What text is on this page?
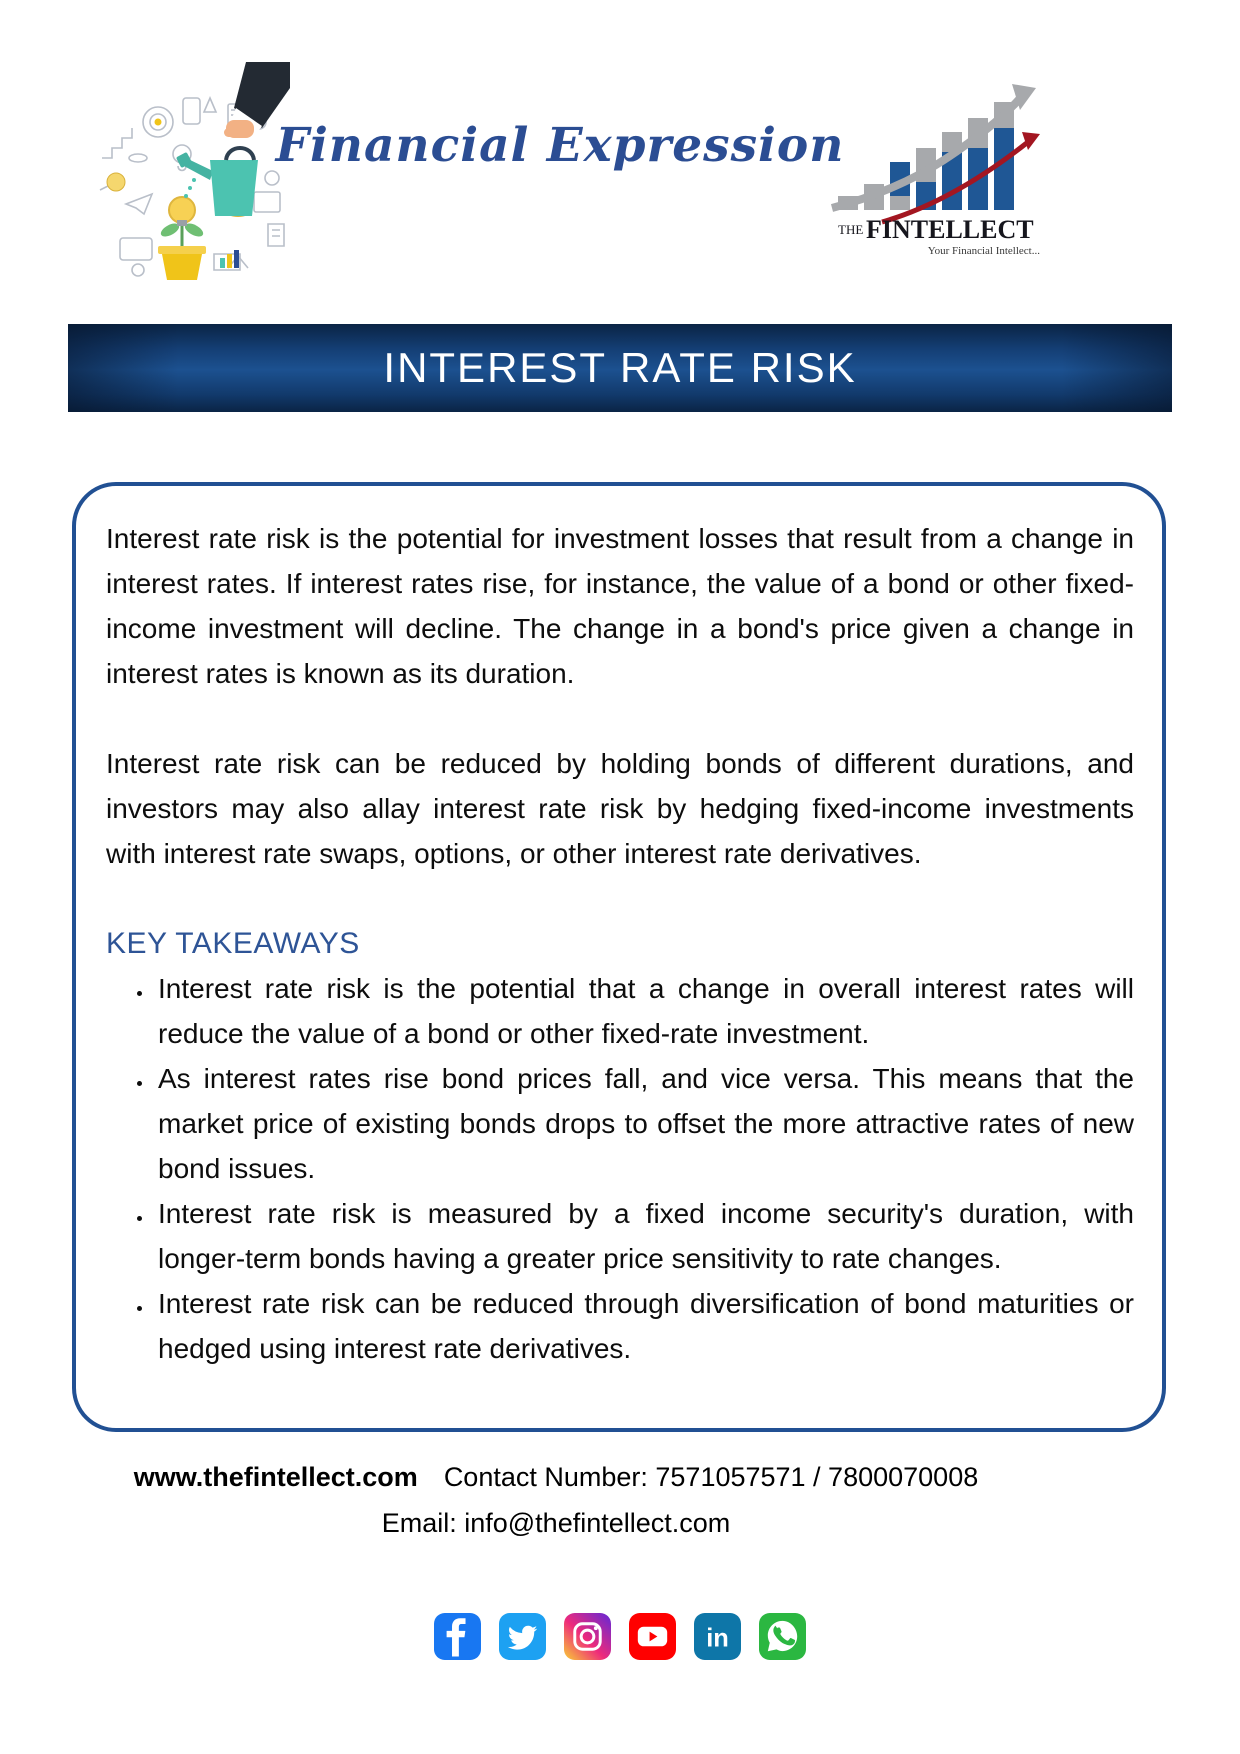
Financial Expression
THE FINTELLECT
Your Financial Intellect...
INTEREST RATE RISK

Interest rate risk is the potential for investment losses that result from a change in interest rates. If interest rates rise, for instance, the value of a bond or other fixed-income investment will decline. The change in a bond's price given a change in interest rates is known as its duration.

Interest rate risk can be reduced by holding bonds of different durations, and investors may also allay interest rate risk by hedging fixed-income investments with interest rate swaps, options, or other interest rate derivatives.

KEY TAKEAWAYS
• Interest rate risk is the potential that a change in overall interest rates will reduce the value of a bond or other fixed-rate investment.
• As interest rates rise bond prices fall, and vice versa. This means that the market price of existing bonds drops to offset the more attractive rates of new bond issues.
• Interest rate risk is measured by a fixed income security's duration, with longer-term bonds having a greater price sensitivity to rate changes.
• Interest rate risk can be reduced through diversification of bond maturities or hedged using interest rate derivatives.
www.thefintellect.com Contact Number: 7571057571 / 7800070008
Email: info@thefintellect.com
in
